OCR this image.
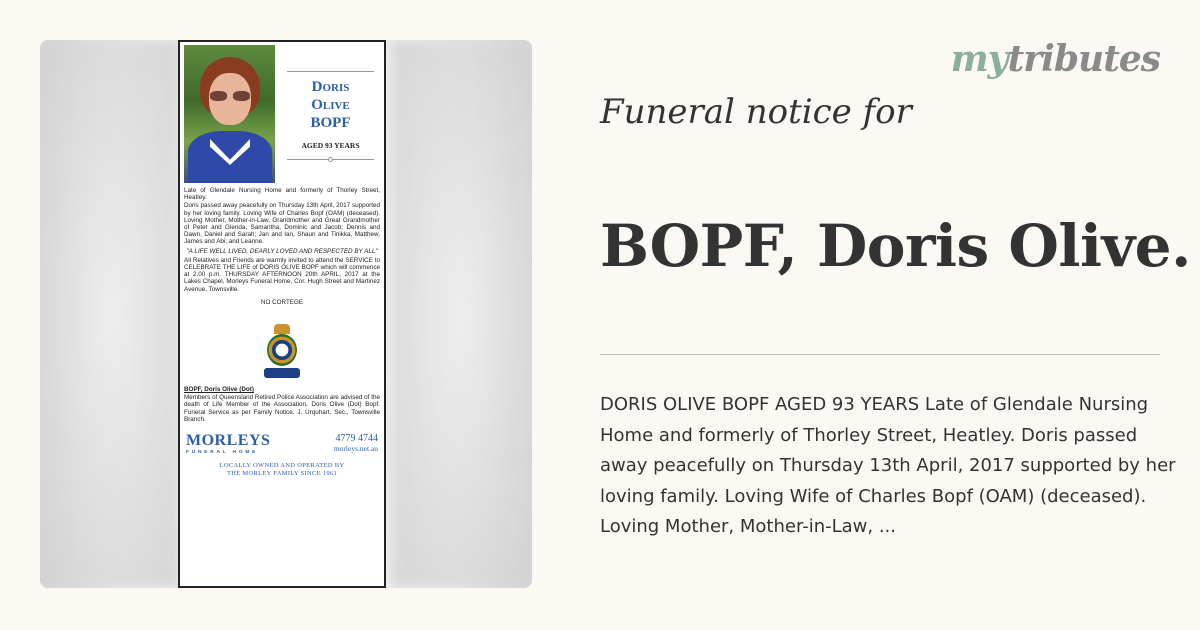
Doris
Olive
BOPF
AGED 93 YEARS

Late of Glendale Nursing Home and formerly of Thorley Street, Heatley.

Doris passed away peacefully on Thursday 13th April, 2017 supported by her loving family. Loving Wife of Charles Bopf (OAM) (deceased). Loving Mother, Mother-in-Law, Grandmother and Great Grandmother of Peter and Glenda, Samantha, Dominic and Jacob; Dennis and Dawn, Daniel and Sarah; Jan and Ian, Shaun and Tinikka, Matthew, James and Abi; and Leanne.

"A LIFE WELL LIVED, DEARLY LOVED AND RESPECTED BY ALL"

All Relatives and Friends are warmly invited to attend the SERVICE to CELEBRATE THE LIFE of DORIS OLIVE BOPF which will commence at 2.00 p.m. THURSDAY AFTERNOON 20th APRIL, 2017 at the Lakes Chapel, Morleys Funeral Home, Cnr. Hugh Street and Martinez Avenue, Townsville.

NO CORTEGE

BOPF, Doris Olive (Dot)

Members of Queensland Retired Police Association are advised of the death of Life Member of the Association, Doris Olive (Dot) Bopf. Funeral Service as per Family Notice. J. Urquhart, Sec., Townsville Branch.

MORLEYS
FUNERAL HOME
4779 4744
morleys.net.au
LOCALLY OWNED AND OPERATED BY
THE MORLEY FAMILY SINCE 1961
mytributes
Funeral notice for
BOPF, Doris Olive.
DORIS OLIVE BOPF AGED 93 YEARS Late of Glendale Nursing Home and formerly of Thorley Street, Heatley. Doris passed away peacefully on Thursday 13th April, 2017 supported by her loving family. Loving Wife of Charles Bopf (OAM) (deceased). Loving Mother, Mother-in-Law, ...
